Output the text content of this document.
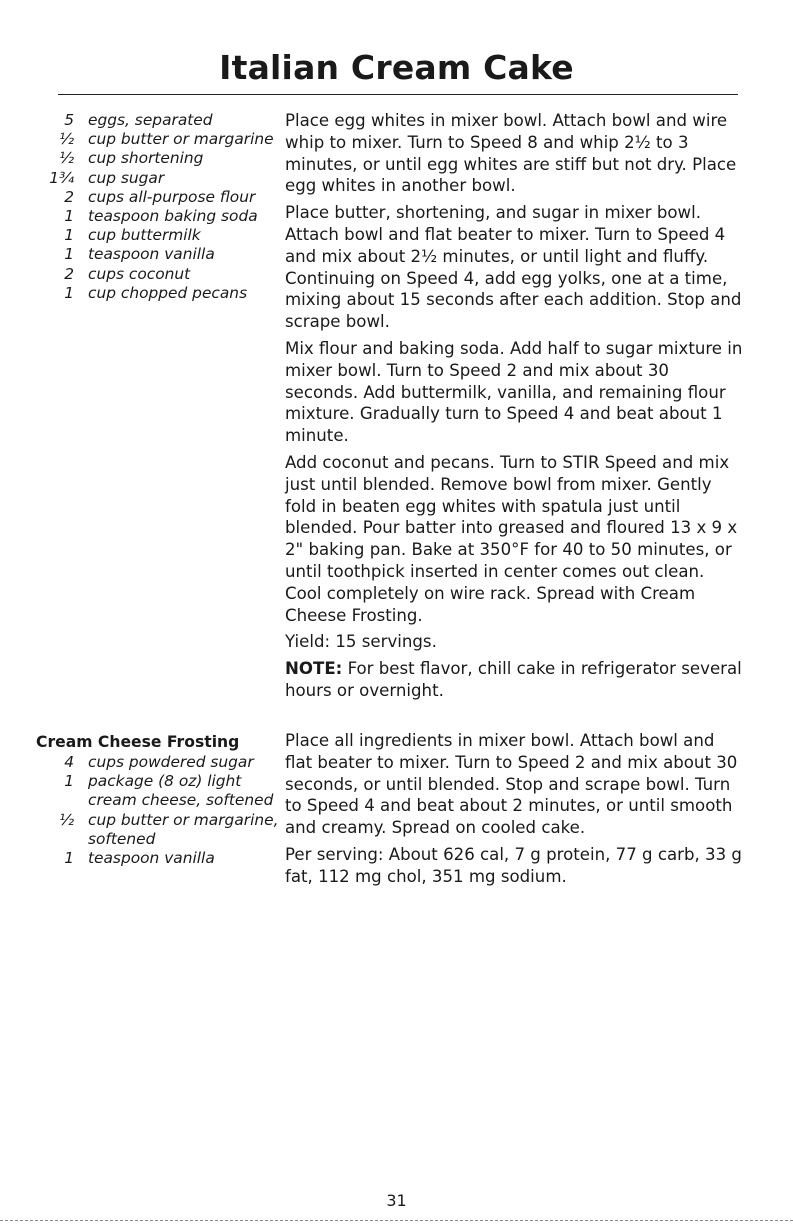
Italian Cream Cake
5 eggs, separated
½ cup butter or margarine
½ cup shortening
1¾ cup sugar
2 cups all-purpose flour
1 teaspoon baking soda
1 cup buttermilk
1 teaspoon vanilla
2 cups coconut
1 cup chopped pecans
Cream Cheese Frosting
4 cups powdered sugar
1 package (8 oz) light cream cheese, softened
½ cup butter or margarine, softened
1 teaspoon vanilla

Place egg whites in mixer bowl. Attach bowl and wire whip to mixer. Turn to Speed 8 and whip 2½ to 3 minutes, or until egg whites are stiff but not dry. Place egg whites in another bowl.

Place butter, shortening, and sugar in mixer bowl. Attach bowl and flat beater to mixer. Turn to Speed 4 and mix about 2½ minutes, or until light and fluffy. Continuing on Speed 4, add egg yolks, one at a time, mixing about 15 seconds after each addition. Stop and scrape bowl.

Mix flour and baking soda. Add half to sugar mixture in mixer bowl. Turn to Speed 2 and mix about 30 seconds. Add buttermilk, vanilla, and remaining flour mixture. Gradually turn to Speed 4 and beat about 1 minute.

Add coconut and pecans. Turn to STIR Speed and mix just until blended. Remove bowl from mixer. Gently fold in beaten egg whites with spatula just until blended. Pour batter into greased and floured 13 x 9 x 2" baking pan. Bake at 350°F for 40 to 50 minutes, or until toothpick inserted in center comes out clean. Cool completely on wire rack. Spread with Cream Cheese Frosting.

Yield: 15 servings.

NOTE: For best flavor, chill cake in refrigerator several hours or overnight.

Place all ingredients in mixer bowl. Attach bowl and flat beater to mixer. Turn to Speed 2 and mix about 30 seconds, or until blended. Stop and scrape bowl. Turn to Speed 4 and beat about 2 minutes, or until smooth and creamy. Spread on cooled cake.

Per serving: About 626 cal, 7 g protein, 77 g carb, 33 g fat, 112 mg chol, 351 mg sodium.

31
